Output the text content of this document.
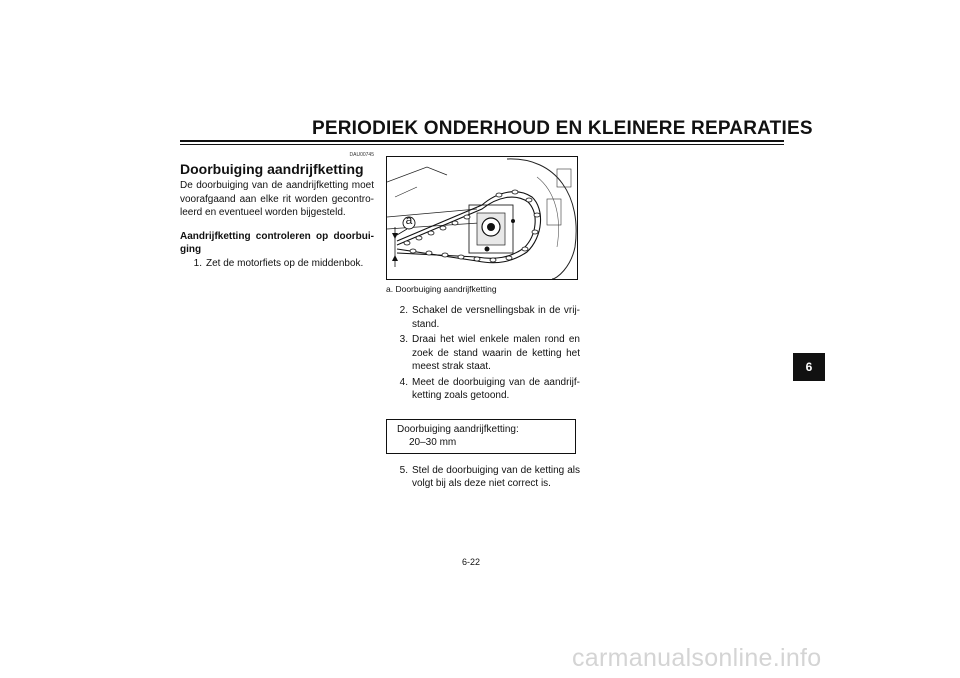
PERIODIEK ONDERHOUD EN KLEINERE REPARATIES
DAU00745
Doorbuiging aandrijfketting

De doorbuiging van de aandrijfketting moet voorafgaand aan elke rit worden gecontro-leerd en eventueel worden bijgesteld.

Aandrijfketting controleren op doorbui-ging
1. Zet de motorfiets op de middenbok.
a
a. Doorbuiging aandrijfketting
2. Schakel de versnellingsbak in de vrij-stand.
3. Draai het wiel enkele malen rond en zoek de stand waarin de ketting het meest strak staat.
4. Meet de doorbuiging van de aandrijf-ketting zoals getoond.
Doorbuiging aandrijfketting:
20–30 mm
5. Stel de doorbuiging van de ketting als volgt bij als deze niet correct is.
6-22
6
carmanualsonline.info
